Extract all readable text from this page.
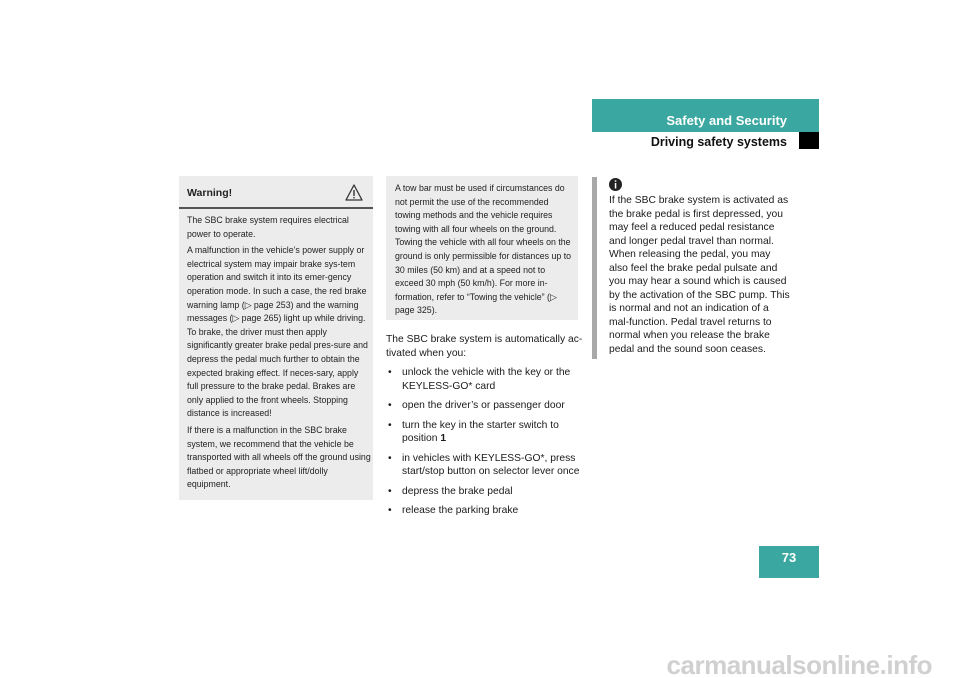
Safety and Security
Driving safety systems
Warning!

The SBC brake system requires electrical power to operate.

A malfunction in the vehicle’s power supply or electrical system may impair brake sys-tem operation and switch it into its emer-gency operation mode. In such a case, the red brake warning lamp (▷ page 253) and the warning messages (▷ page 265) light up while driving. To brake, the driver must then apply significantly greater brake pedal pres-sure and depress the pedal much further to obtain the expected braking effect. If neces-sary, apply full pressure to the brake pedal. Brakes are only applied to the front wheels. Stopping distance is increased!

If there is a malfunction in the SBC brake system, we recommend that the vehicle be transported with all wheels off the ground using flatbed or appropriate wheel lift/dolly equipment.

A tow bar must be used if circumstances do not permit the use of the recommended towing methods and the vehicle requires towing with all four wheels on the ground. Towing the vehicle with all four wheels on the ground is only permissible for distances up to 30 miles (50 km) and at a speed not to exceed 30 mph (50 km/h). For more in-formation, refer to “Towing the vehicle” (▷ page 325).

The SBC brake system is automatically ac-tivated when you:

• unlock the vehicle with the key or the KEYLESS-GO* card
• open the driver’s or passenger door
• turn the key in the starter switch to position 1
• in vehicles with KEYLESS-GO*, press start/stop button on selector lever once
• depress the brake pedal
• release the parking brake
If the SBC brake system is activated as the brake pedal is first depressed, you may feel a reduced pedal resistance and longer pedal travel than normal. When releasing the pedal, you may also feel the brake pedal pulsate and you may hear a sound which is caused by the activation of the SBC pump. This is normal and not an indication of a mal-function. Pedal travel returns to normal when you release the brake pedal and the sound soon ceases.
73
carmanualsonline.info
